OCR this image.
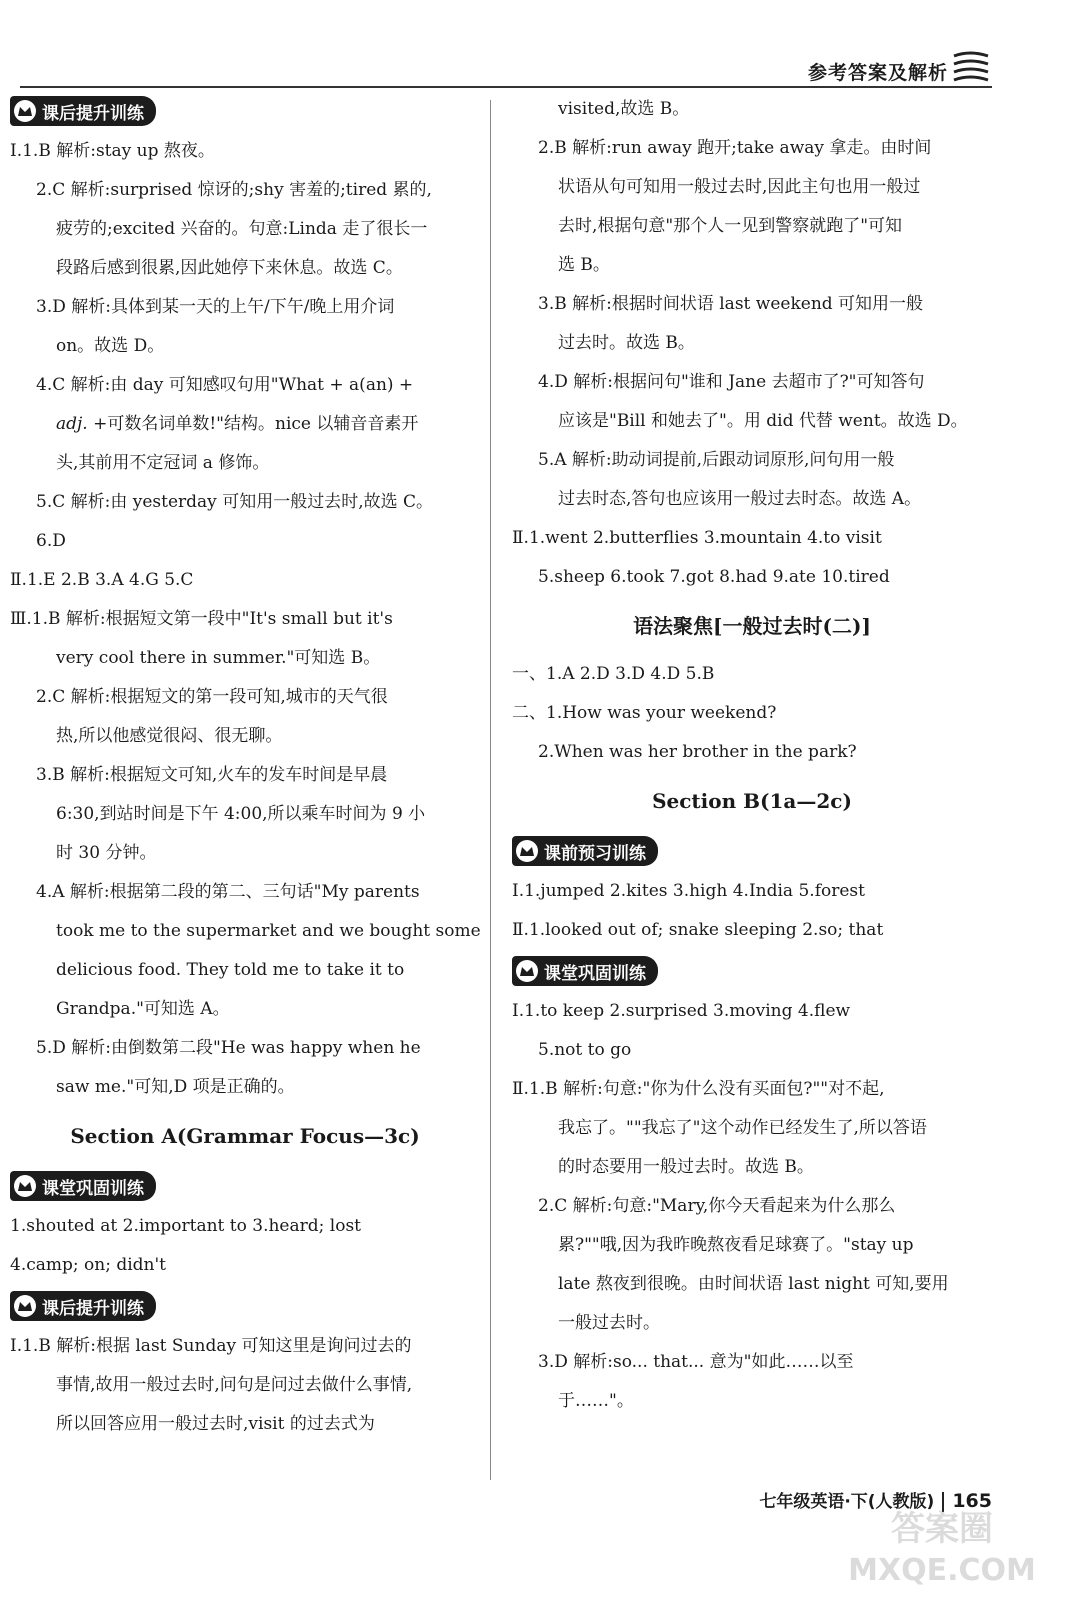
参考答案及解析
课后提升训练
Ⅰ.1.B 解析:stay up 熬夜。
2.C 解析:surprised 惊讶的;shy 害羞的;tired 累的,
疲劳的;excited 兴奋的。句意:Linda 走了很长一
段路后感到很累,因此她停下来休息。故选 C。
3.D 解析:具体到某一天的上午/下午/晚上用介词
on。故选 D。
4.C 解析:由 day 可知感叹句用"What + a(an) +
adj. +可数名词单数!"结构。nice 以辅音音素开
头,其前用不定冠词 a 修饰。
5.C 解析:由 yesterday 可知用一般过去时,故选 C。
6.D
Ⅱ.1.E 2.B 3.A 4.G 5.C
Ⅲ.1.B 解析:根据短文第一段中"It's small but it's
very cool there in summer."可知选 B。
2.C 解析:根据短文的第一段可知,城市的天气很
热,所以他感觉很闷、很无聊。
3.B 解析:根据短文可知,火车的发车时间是早晨
6:30,到站时间是下午 4:00,所以乘车时间为 9 小
时 30 分钟。
4.A 解析:根据第二段的第二、三句话"My parents
took me to the supermarket and we bought some
delicious food. They told me to take it to
Grandpa."可知选 A。
5.D 解析:由倒数第二段"He was happy when he
saw me."可知,D 项是正确的。
Section A(Grammar Focus—3c)
课堂巩固训练
1.shouted at 2.important to 3.heard; lost
4.camp; on; didn't
课后提升训练
Ⅰ.1.B 解析:根据 last Sunday 可知这里是询问过去的
事情,故用一般过去时,问句是问过去做什么事情,
所以回答应用一般过去时,visit 的过去式为
visited,故选 B。
2.B 解析:run away 跑开;take away 拿走。由时间
状语从句可知用一般过去时,因此主句也用一般过
去时,根据句意"那个人一见到警察就跑了"可知
选 B。
3.B 解析:根据时间状语 last weekend 可知用一般
过去时。故选 B。
4.D 解析:根据问句"谁和 Jane 去超市了?"可知答句
应该是"Bill 和她去了"。用 did 代替 went。故选 D。
5.A 解析:助动词提前,后跟动词原形,问句用一般
过去时态,答句也应该用一般过去时态。故选 A。
Ⅱ.1.went 2.butterflies 3.mountain 4.to visit
5.sheep 6.took 7.got 8.had 9.ate 10.tired
语法聚焦[一般过去时(二)]
一、1.A 2.D 3.D 4.D 5.B
二、1.How was your weekend?
2.When was her brother in the park?
Section B(1a—2c)
课前预习训练
Ⅰ.1.jumped 2.kites 3.high 4.India 5.forest
Ⅱ.1.looked out of; snake sleeping 2.so; that
课堂巩固训练
Ⅰ.1.to keep 2.surprised 3.moving 4.flew
5.not to go
Ⅱ.1.B 解析:句意:"你为什么没有买面包?""对不起,
我忘了。""我忘了"这个动作已经发生了,所以答语
的时态要用一般过去时。故选 B。
2.C 解析:句意:"Mary,你今天看起来为什么那么
累?""哦,因为我昨晚熬夜看足球赛了。"stay up
late 熬夜到很晚。由时间状语 last night 可知,要用
一般过去时。
3.D 解析:so... that... 意为"如此……以至
于……"。
七年级英语·下(人教版) 165
答案圈
MXQE.COM
